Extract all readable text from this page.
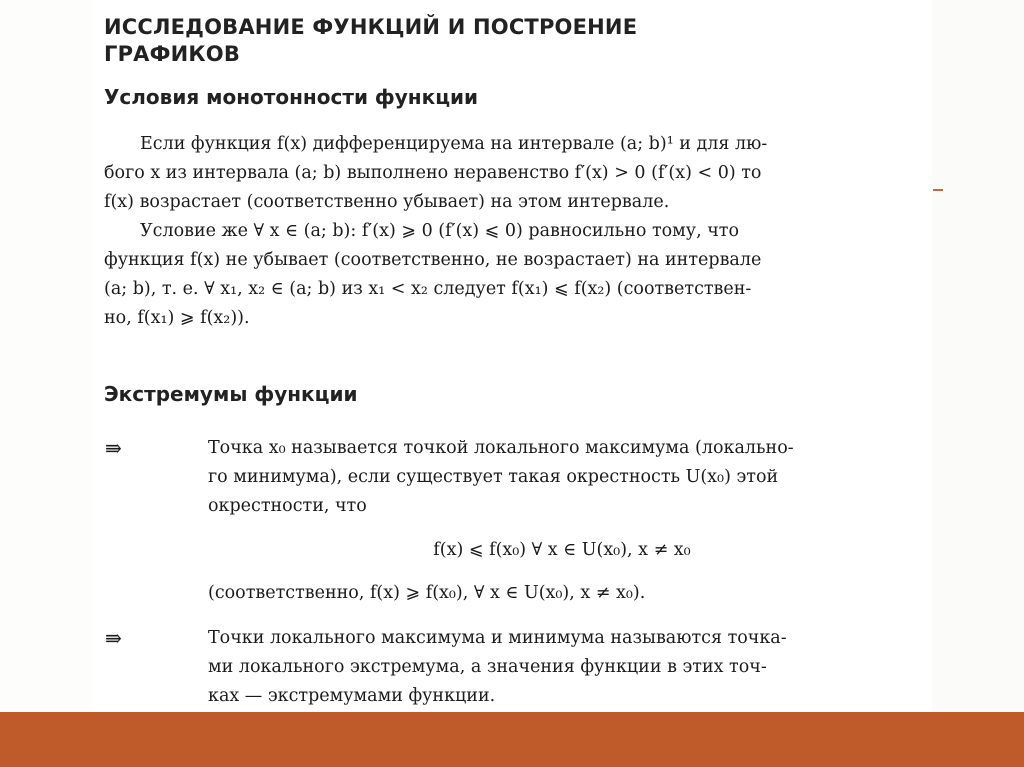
ИССЛЕДОВАНИЕ ФУНКЦИЙ И ПОСТРОЕНИЕ
ГРАФИКОВ
Условия монотонности функции
Если функция f(x) дифференцируема на интервале (a; b)¹ и для лю-
бого x из интервала (a; b) выполнено неравенство f′(x) > 0 (f′(x) < 0) то
f(x) возрастает (соответственно убывает) на этом интервале.
Условие же ∀ x ∈ (a; b): f′(x) ⩾ 0 (f′(x) ⩽ 0) равносильно тому, что
функция f(x) не убывает (соответственно, не возрастает) на интервале
(a; b), т. е. ∀ x₁, x₂ ∈ (a; b) из x₁ < x₂ следует f(x₁) ⩽ f(x₂) (соответствен-
но, f(x₁) ⩾ f(x₂)).
Экстремумы функции
⇛	Точка x₀ называется точкой локального максимума (локально-
го минимума), если существует такая окрестность U(x₀) этой
окрестности, что
f(x) ⩽ f(x₀) ∀ x ∈ U(x₀), x ≠ x₀
(соответственно, f(x) ⩾ f(x₀), ∀ x ∈ U(x₀), x ≠ x₀).
⇛	Точки локального максимума и минимума называются точка-
ми локального экстремума, а значения функции в этих точ-
ках — экстремумами функции.
